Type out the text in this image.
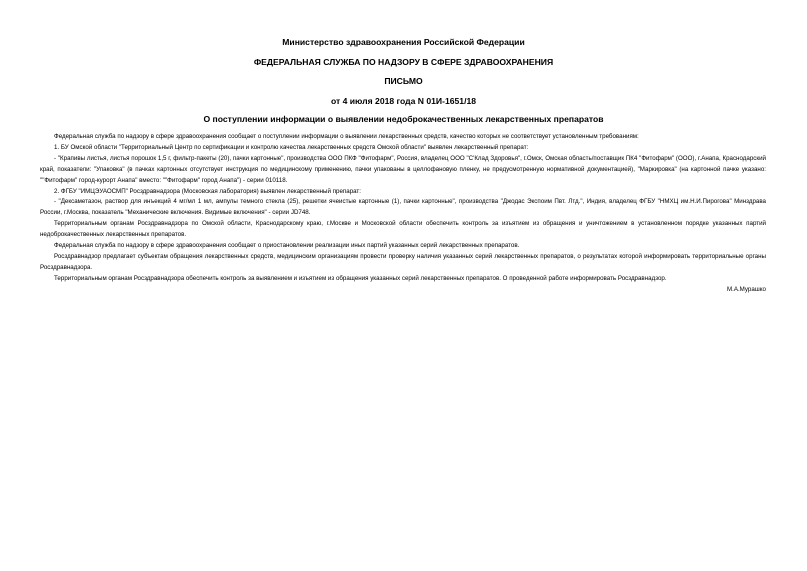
Министерство здравоохранения Российской Федерации
ФЕДЕРАЛЬНАЯ СЛУЖБА ПО НАДЗОРУ В СФЕРЕ ЗДРАВООХРАНЕНИЯ
ПИСЬМО
от 4 июля 2018 года N 01И-1651/18
О поступлении информации о выявлении недоброкачественных лекарственных препаратов

Федеральная служба по надзору в сфере здравоохранения сообщает о поступлении информации о выявлении лекарственных средств, качество которых не соответствует установленным требованиям:

1. БУ Омской области "Территориальный Центр по сертификации и контролю качества лекарственных средств Омской области" выявлен лекарственный препарат:

- "Крапивы листья, листья порошок 1,5 г, фильтр-пакеты (20), пачки картонные", производства ООО ПКФ "Фитофарм", Россия, владелец ООО "С'Клад Здоровья", г.Омск, Омская область/поставщик ПК4 "Фитофарм" (ООО), г.Анапа, Краснодарский край, показатели: "Упаковка" (в пачках картонных отсутствует инструкция по медицинскому применению, пачки упакованы в целлофановую пленку, не предусмотренную нормативной документацией), "Маркировка" (на картонной пачке указано: ""Фитофарм" город-курорт Анапа" вместо: ""Фитофарм" город Анапа") - серии 010118.

2. ФГБУ "ИМЦЭУАОСМП" Росздравнадзора (Московская лаборатория) выявлен лекарственный препарат:

- "Дексаметазон, раствор для инъекций 4 мг/мл 1 мл, ампулы темного стекла (25), решетки ячеистые картонные (1), пачки картонные", производства "Джодас Экспоим Пвт. Лтд.", Индия, владелец ФГБУ "НМХЦ им.Н.И.Пирогова" Минздрава России, г.Москва, показатель "Механические включения. Видимые включения" - серии JD748.

Территориальным органам Росздравнадзора по Омской области, Краснодарскому краю, г.Москве и Московской области обеспечить контроль за изъятием из обращения и уничтожением в установленном порядке указанных партий недоброкачественных лекарственных препаратов.

Федеральная служба по надзору в сфере здравоохранения сообщает о приостановлении реализации иных партий указанных серий лекарственных препаратов.

Росздравнадзор предлагает субъектам обращения лекарственных средств, медицинским организациям провести проверку наличия указанных серий лекарственных препаратов, о результатах которой информировать территориальные органы Росздравнадзора.

Территориальным органам Росздравнадзора обеспечить контроль за выявлением и изъятием из обращения указанных серий лекарственных препаратов. О проведенной работе информировать Росздравнадзор.

М.А.Мурашко
